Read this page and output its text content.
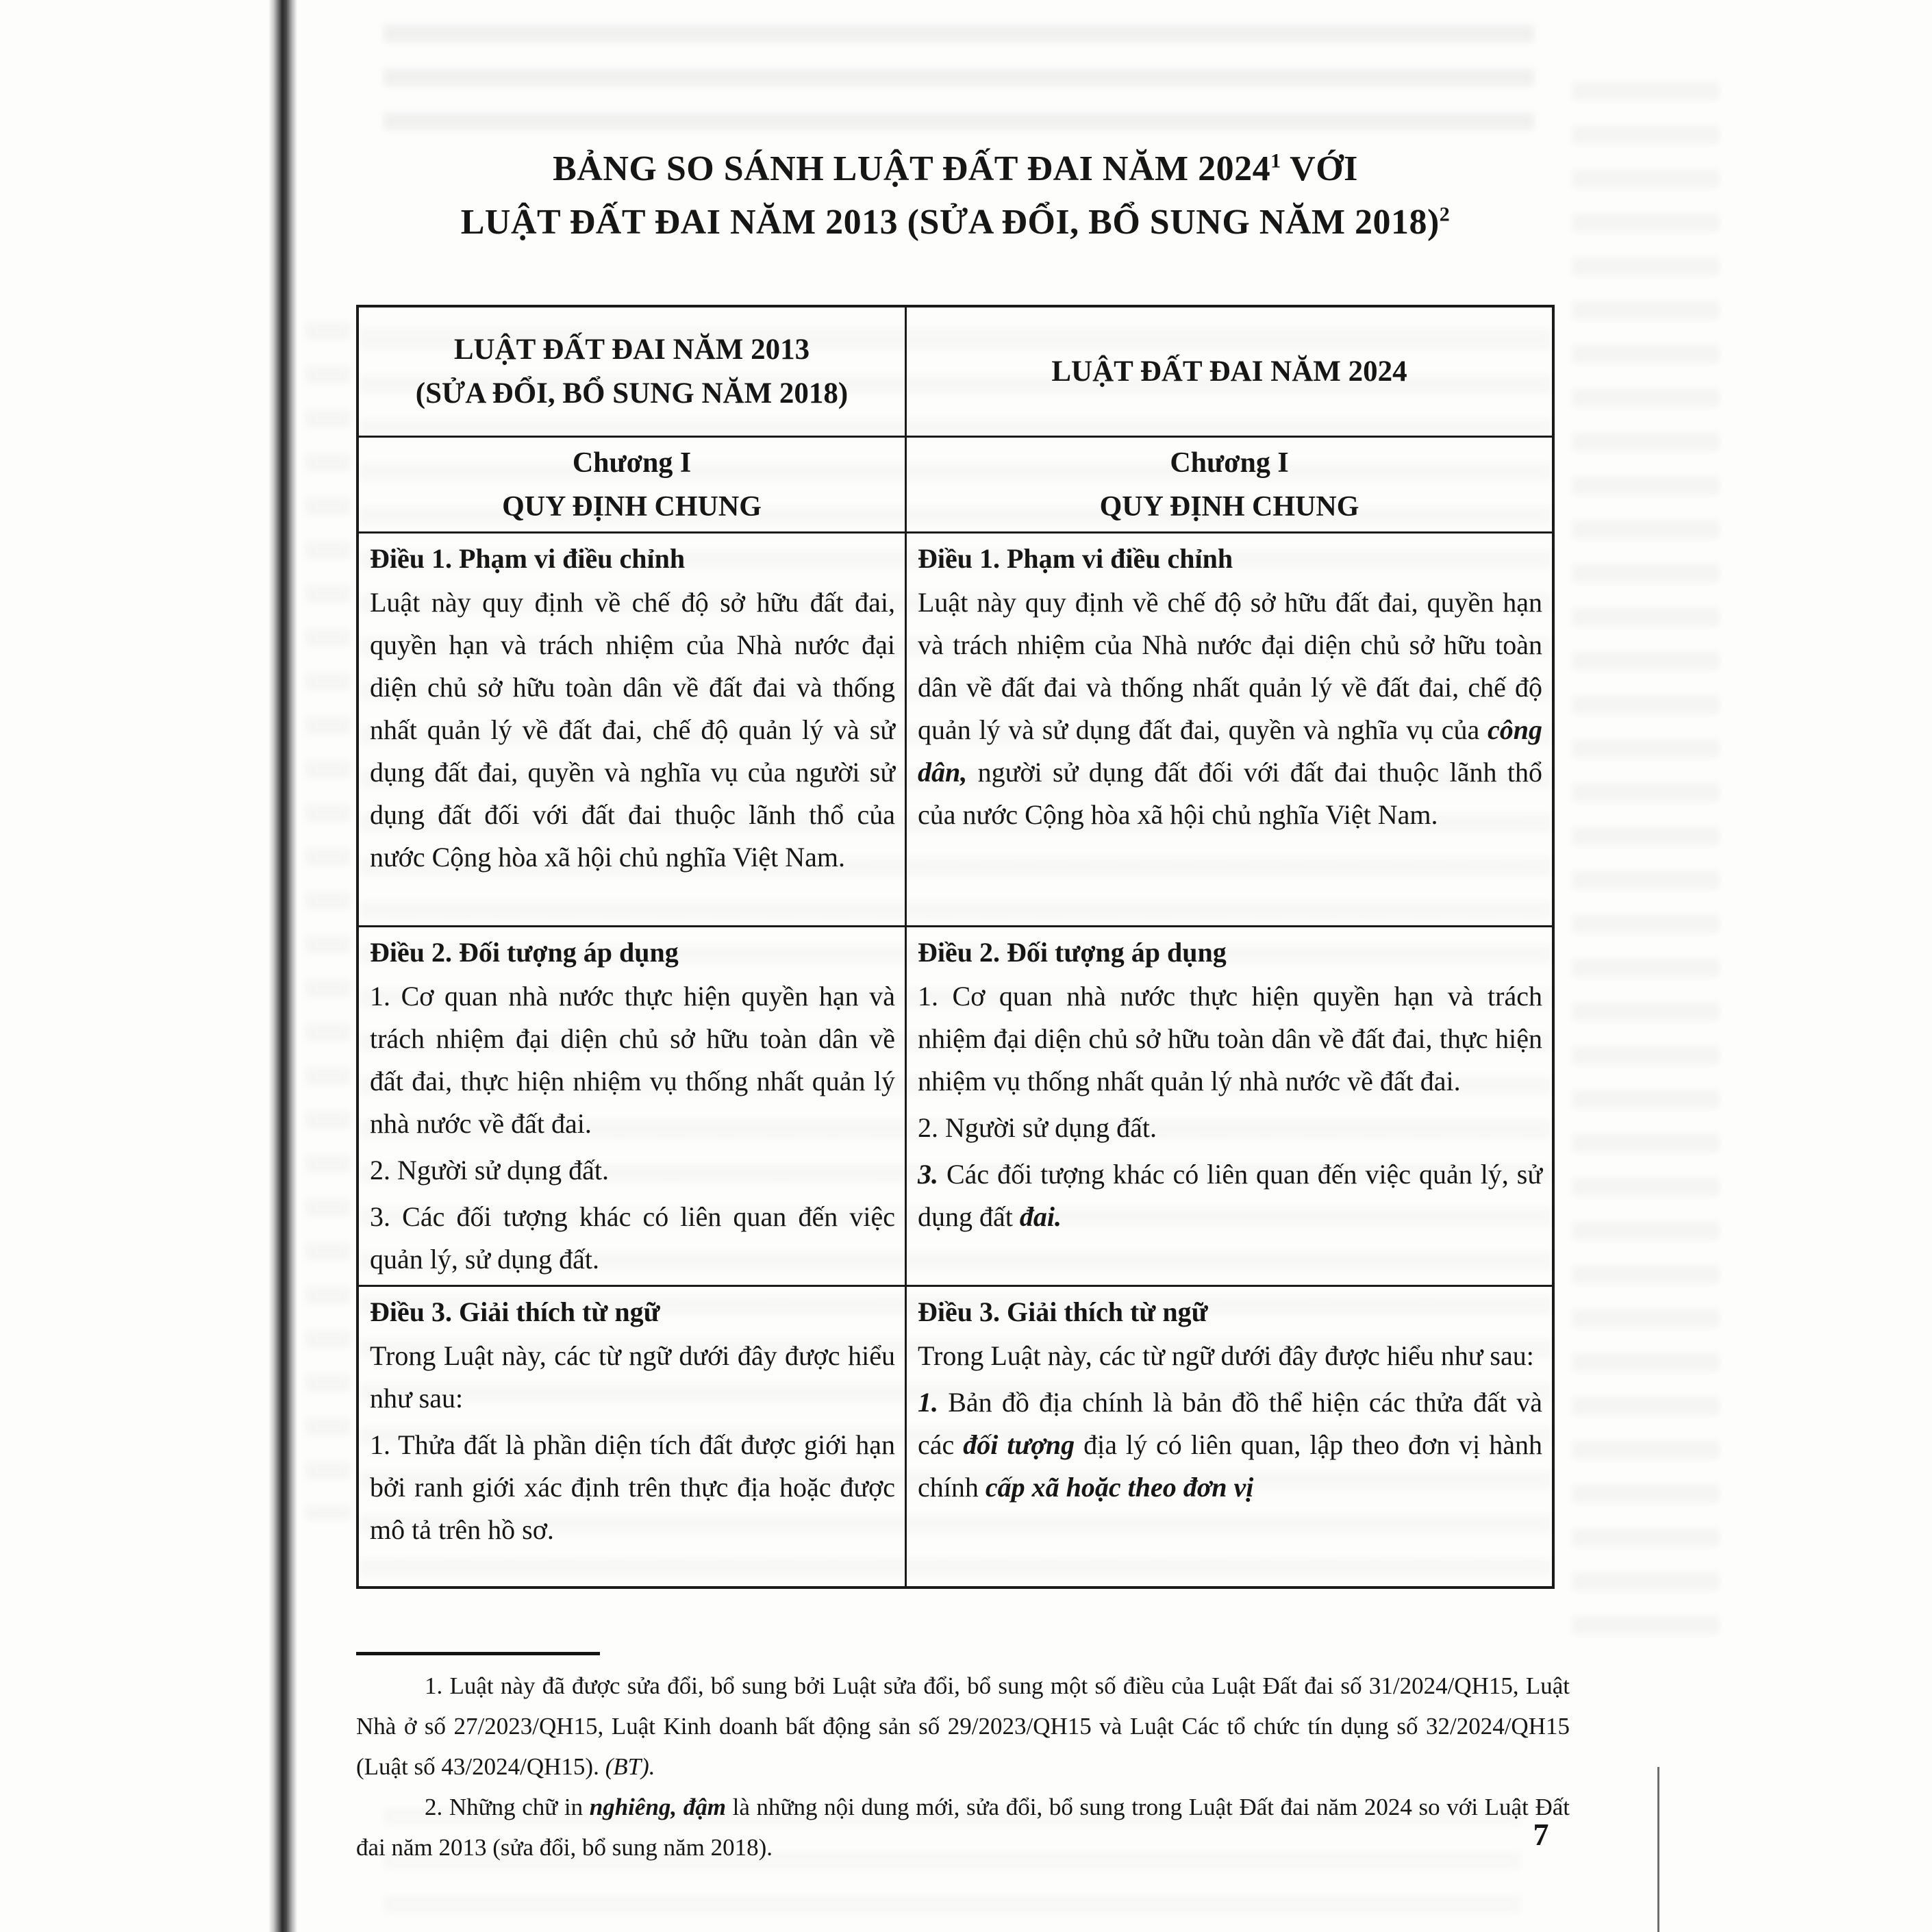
BẢNG SO SÁNH LUẬT ĐẤT ĐAI NĂM 2024$^1$ VỚI
LUẬT ĐẤT ĐAI NĂM 2013 (SỬA ĐỔI, BỔ SUNG NĂM 2018)$^2$
LUẬT ĐẤT ĐAI NĂM 2013
(SỬA ĐỔI, BỔ SUNG NĂM 2018)
LUẬT ĐẤT ĐAI NĂM 2024
Chương I
QUY ĐỊNH CHUNG
Chương I
QUY ĐỊNH CHUNG
Điều 1. Phạm vi điều chỉnh

Luật này quy định về chế độ sở hữu đất đai, quyền hạn và trách nhiệm của Nhà nước đại diện chủ sở hữu toàn dân về đất đai và thống nhất quản lý về đất đai, chế độ quản lý và sử dụng đất đai, quyền và nghĩa vụ của người sử dụng đất đối với đất đai thuộc lãnh thổ của nước Cộng hòa xã hội chủ nghĩa Việt Nam.

Điều 1. Phạm vi điều chỉnh

Luật này quy định về chế độ sở hữu đất đai, quyền hạn và trách nhiệm của Nhà nước đại diện chủ sở hữu toàn dân về đất đai và thống nhất quản lý về đất đai, chế độ quản lý và sử dụng đất đai, quyền và nghĩa vụ của công dân, người sử dụng đất đối với đất đai thuộc lãnh thổ của nước Cộng hòa xã hội chủ nghĩa Việt Nam.

Điều 2. Đối tượng áp dụng

1. Cơ quan nhà nước thực hiện quyền hạn và trách nhiệm đại diện chủ sở hữu toàn dân về đất đai, thực hiện nhiệm vụ thống nhất quản lý nhà nước về đất đai.

2. Người sử dụng đất.

3. Các đối tượng khác có liên quan đến việc quản lý, sử dụng đất.

Điều 2. Đối tượng áp dụng

1. Cơ quan nhà nước thực hiện quyền hạn và trách nhiệm đại diện chủ sở hữu toàn dân về đất đai, thực hiện nhiệm vụ thống nhất quản lý nhà nước về đất đai.

2. Người sử dụng đất.

3. Các đối tượng khác có liên quan đến việc quản lý, sử dụng đất đai.

Điều 3. Giải thích từ ngữ

Trong Luật này, các từ ngữ dưới đây được hiểu như sau:

1. Thửa đất là phần diện tích đất được giới hạn bởi ranh giới xác định trên thực địa hoặc được mô tả trên hồ sơ.

Điều 3. Giải thích từ ngữ

Trong Luật này, các từ ngữ dưới đây được hiểu như sau:

1. Bản đồ địa chính là bản đồ thể hiện các thửa đất và các đối tượng địa lý có liên quan, lập theo đơn vị hành chính cấp xã hoặc theo đơn vị

1. Luật này đã được sửa đổi, bổ sung bởi Luật sửa đổi, bổ sung một số điều của Luật Đất đai số 31/2024/QH15, Luật Nhà ở số 27/2023/QH15, Luật Kinh doanh bất động sản số 29/2023/QH15 và Luật Các tổ chức tín dụng số 32/2024/QH15 (Luật số 43/2024/QH15). (BT).

2. Những chữ in nghiêng, đậm là những nội dung mới, sửa đổi, bổ sung trong Luật Đất đai năm 2024 so với Luật Đất đai năm 2013 (sửa đổi, bổ sung năm 2018).	7
